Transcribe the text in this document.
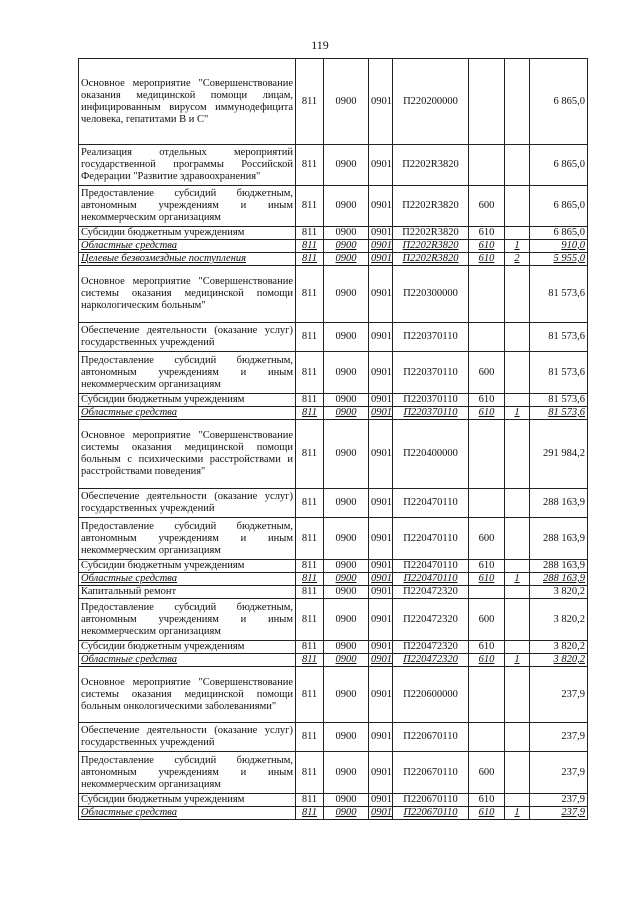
119
Основное мероприятие "Совершенствование оказания медицинской помощи лицам, инфицированным вирусом иммунодефицита человека, гепатитами В и С"	811	0900	0901	П220200000			6 865,0
Реализация отдельных мероприятий государственной программы Российской Федерации "Развитие здравоохранения"	811	0900	0901	П2202R3820			6 865,0
Предоставление субсидий бюджетным, автономным учреждениям и иным некоммерческим организациям	811	0900	0901	П2202R3820	600		6 865,0
Субсидии бюджетным учреждениям	811	0900	0901	П2202R3820	610		6 865,0
Областные средства	811	0900	0901	П2202R3820	610	1	910,0
Целевые безвозмездные поступления	811	0900	0901	П2202R3820	610	2	5 955,0
Основное мероприятие "Совершенствование системы оказания медицинской помощи наркологическим больным"	811	0900	0901	П220300000			81 573,6
Обеспечение деятельности (оказание услуг) государственных учреждений	811	0900	0901	П220370110			81 573,6
Предоставление субсидий бюджетным, автономным учреждениям и иным некоммерческим организациям	811	0900	0901	П220370110	600		81 573,6
Субсидии бюджетным учреждениям	811	0900	0901	П220370110	610		81 573,6
Областные средства	811	0900	0901	П220370110	610	1	81 573,6
Основное мероприятие "Совершенствование системы оказания медицинской помощи больным с психическими расстройствами и расстройствами поведения"	811	0900	0901	П220400000			291 984,2
Обеспечение деятельности (оказание услуг) государственных учреждений	811	0900	0901	П220470110			288 163,9
Предоставление субсидий бюджетным, автономным учреждениям и иным некоммерческим организациям	811	0900	0901	П220470110	600		288 163,9
Субсидии бюджетным учреждениям	811	0900	0901	П220470110	610		288 163,9
Областные средства	811	0900	0901	П220470110	610	1	288 163,9
Капитальный ремонт	811	0900	0901	П220472320			3 820,2
Предоставление субсидий бюджетным, автономным учреждениям и иным некоммерческим организациям	811	0900	0901	П220472320	600		3 820,2
Субсидии бюджетным учреждениям	811	0900	0901	П220472320	610		3 820,2
Областные средства	811	0900	0901	П220472320	610	1	3 820,2
Основное мероприятие "Совершенствование системы оказания медицинской помощи больным онкологическими заболеваниями"	811	0900	0901	П220600000			237,9
Обеспечение деятельности (оказание услуг) государственных учреждений	811	0900	0901	П220670110			237,9
Предоставление субсидий бюджетным, автономным учреждениям и иным некоммерческим организациям	811	0900	0901	П220670110	600		237,9
Субсидии бюджетным учреждениям	811	0900	0901	П220670110	610		237,9
Областные средства	811	0900	0901	П220670110	610	1	237,9
